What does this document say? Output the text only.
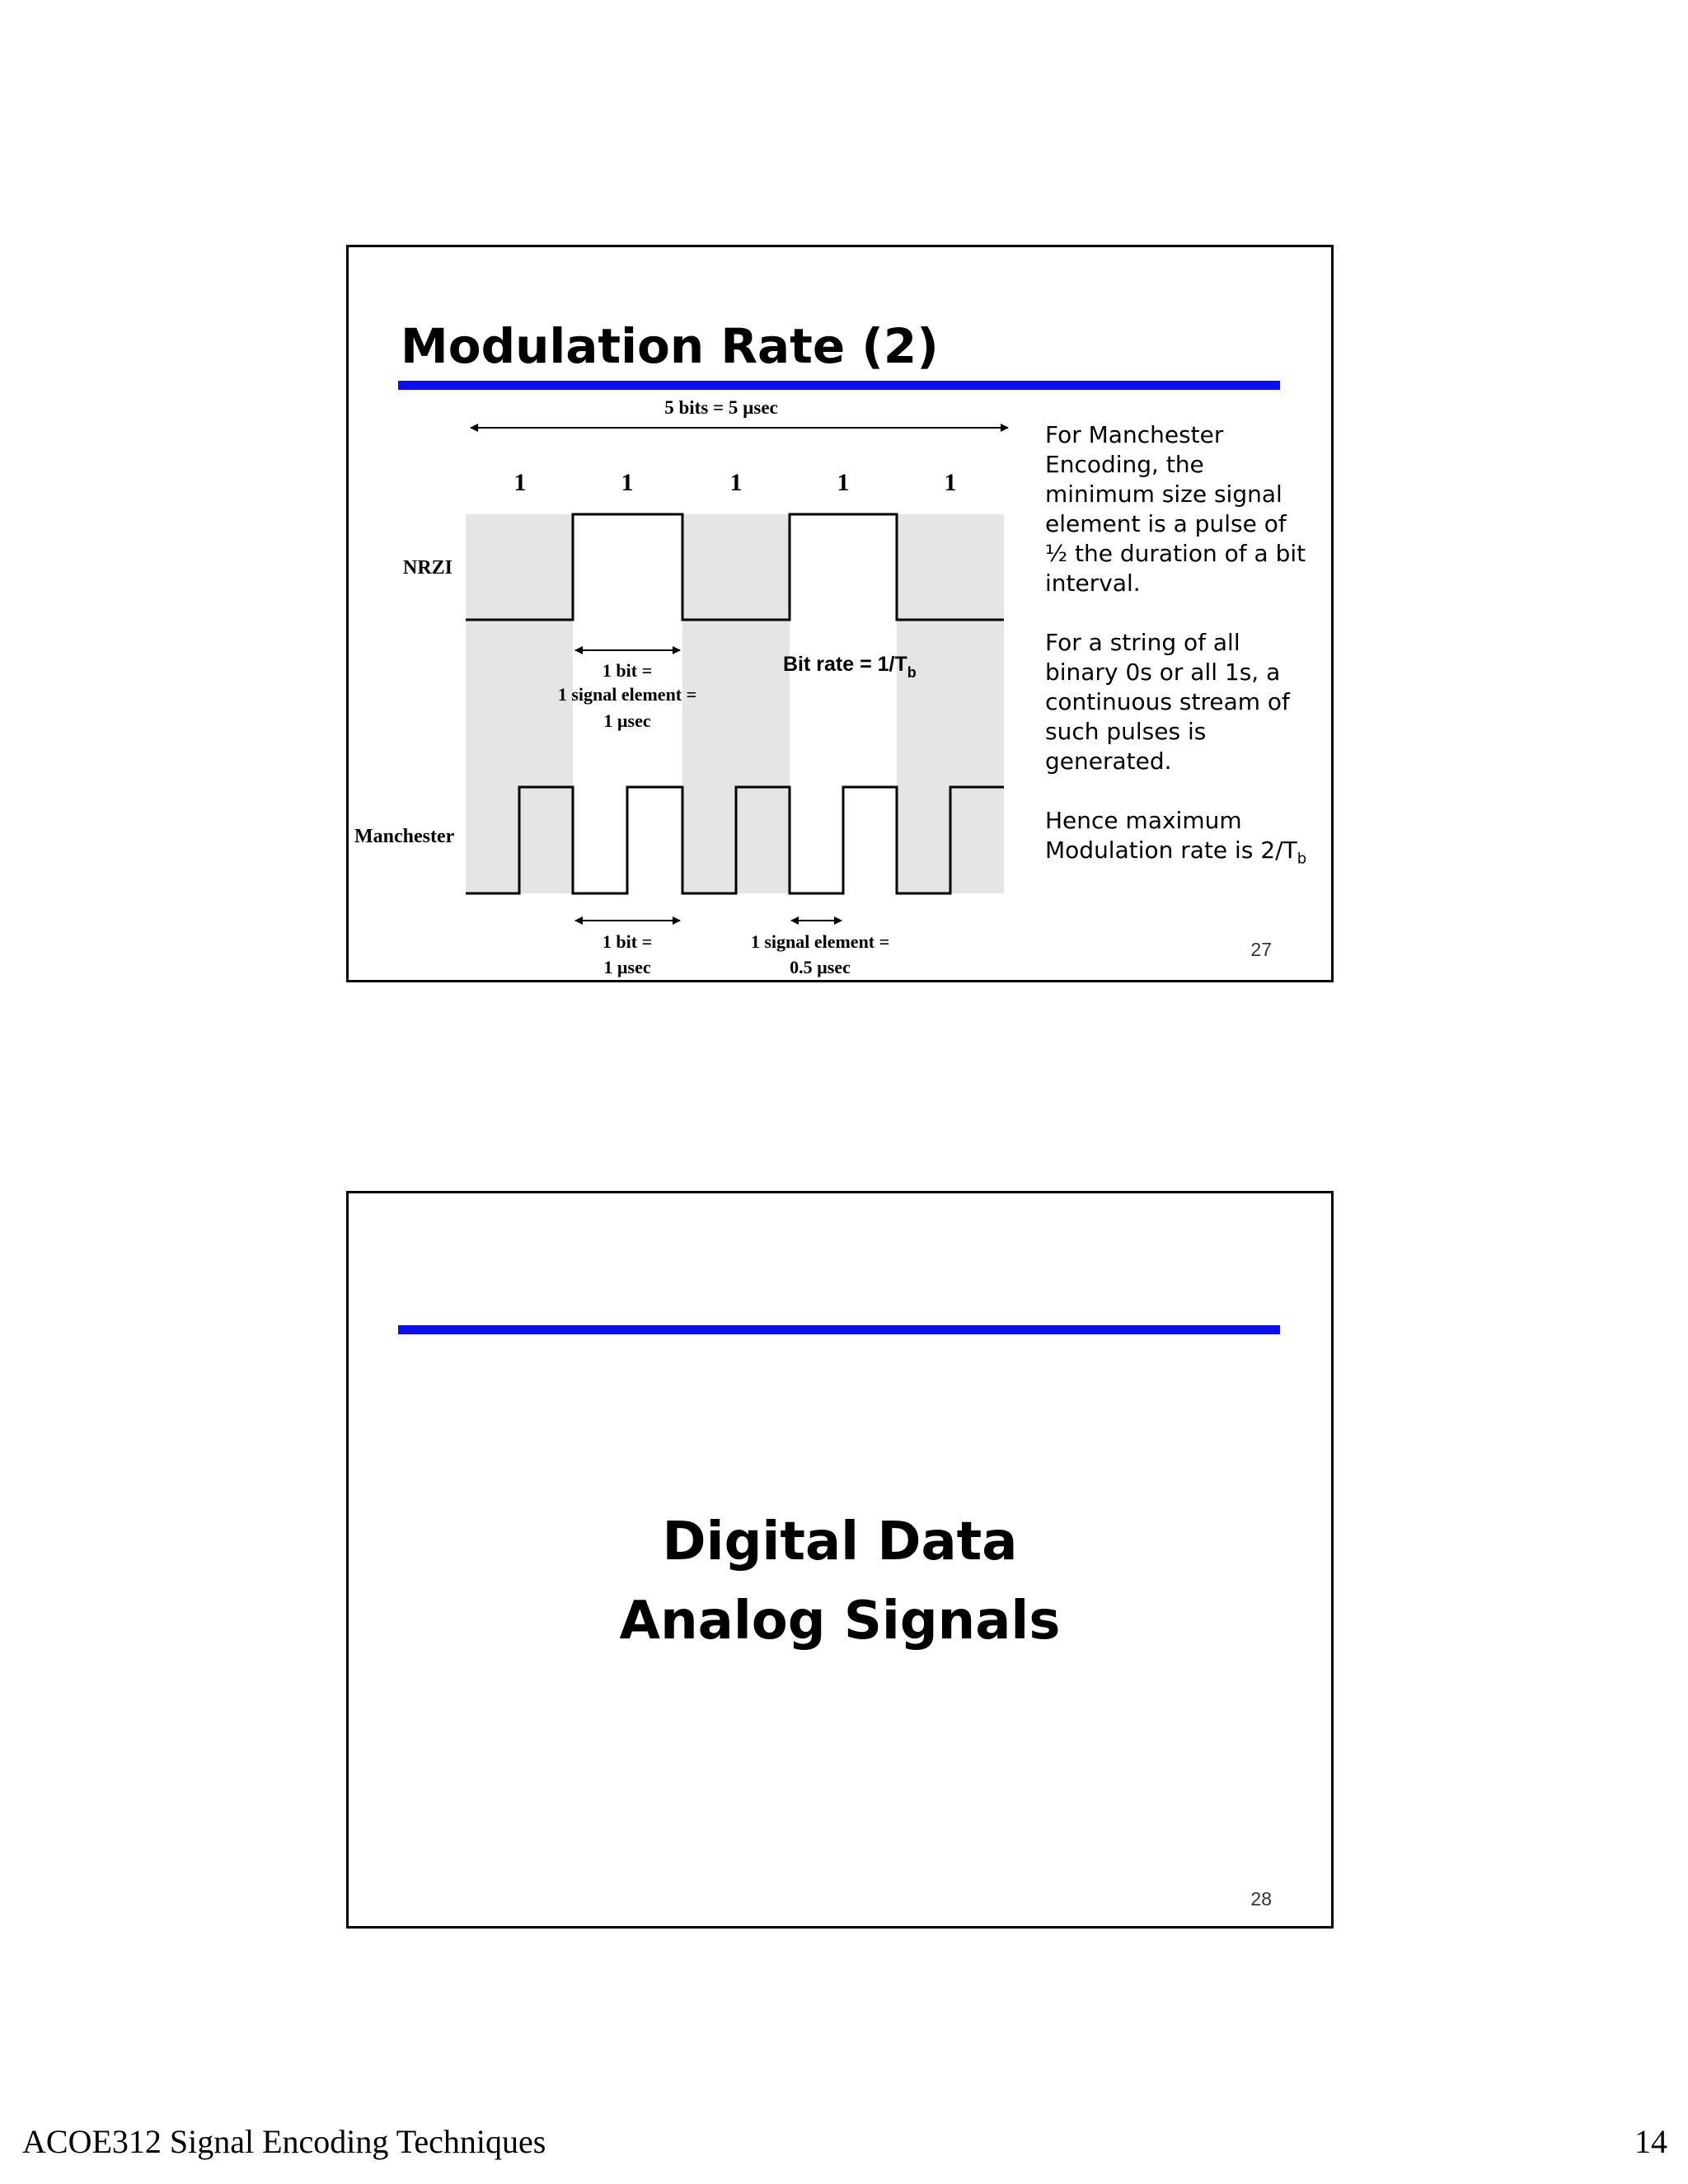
Modulation Rate (2)
5 bits = 5 µsec
1	1	1	1	1
NRZI
Manchester
1 bit =
1 signal element =
1 µsec
Bit rate = $1/T_b$
1 bit =
1 µsec
1 signal element =
0.5 µsec

For Manchester Encoding, the minimum size signal element is a pulse of ½ the duration of a bit interval.

For a string of all binary 0s or all 1s, a continuous stream of such pulses is generated.

Hence maximum Modulation rate is $2/T_b$

27
Digital Data
Analog Signals
28
ACOE312 Signal Encoding Techniques	14
